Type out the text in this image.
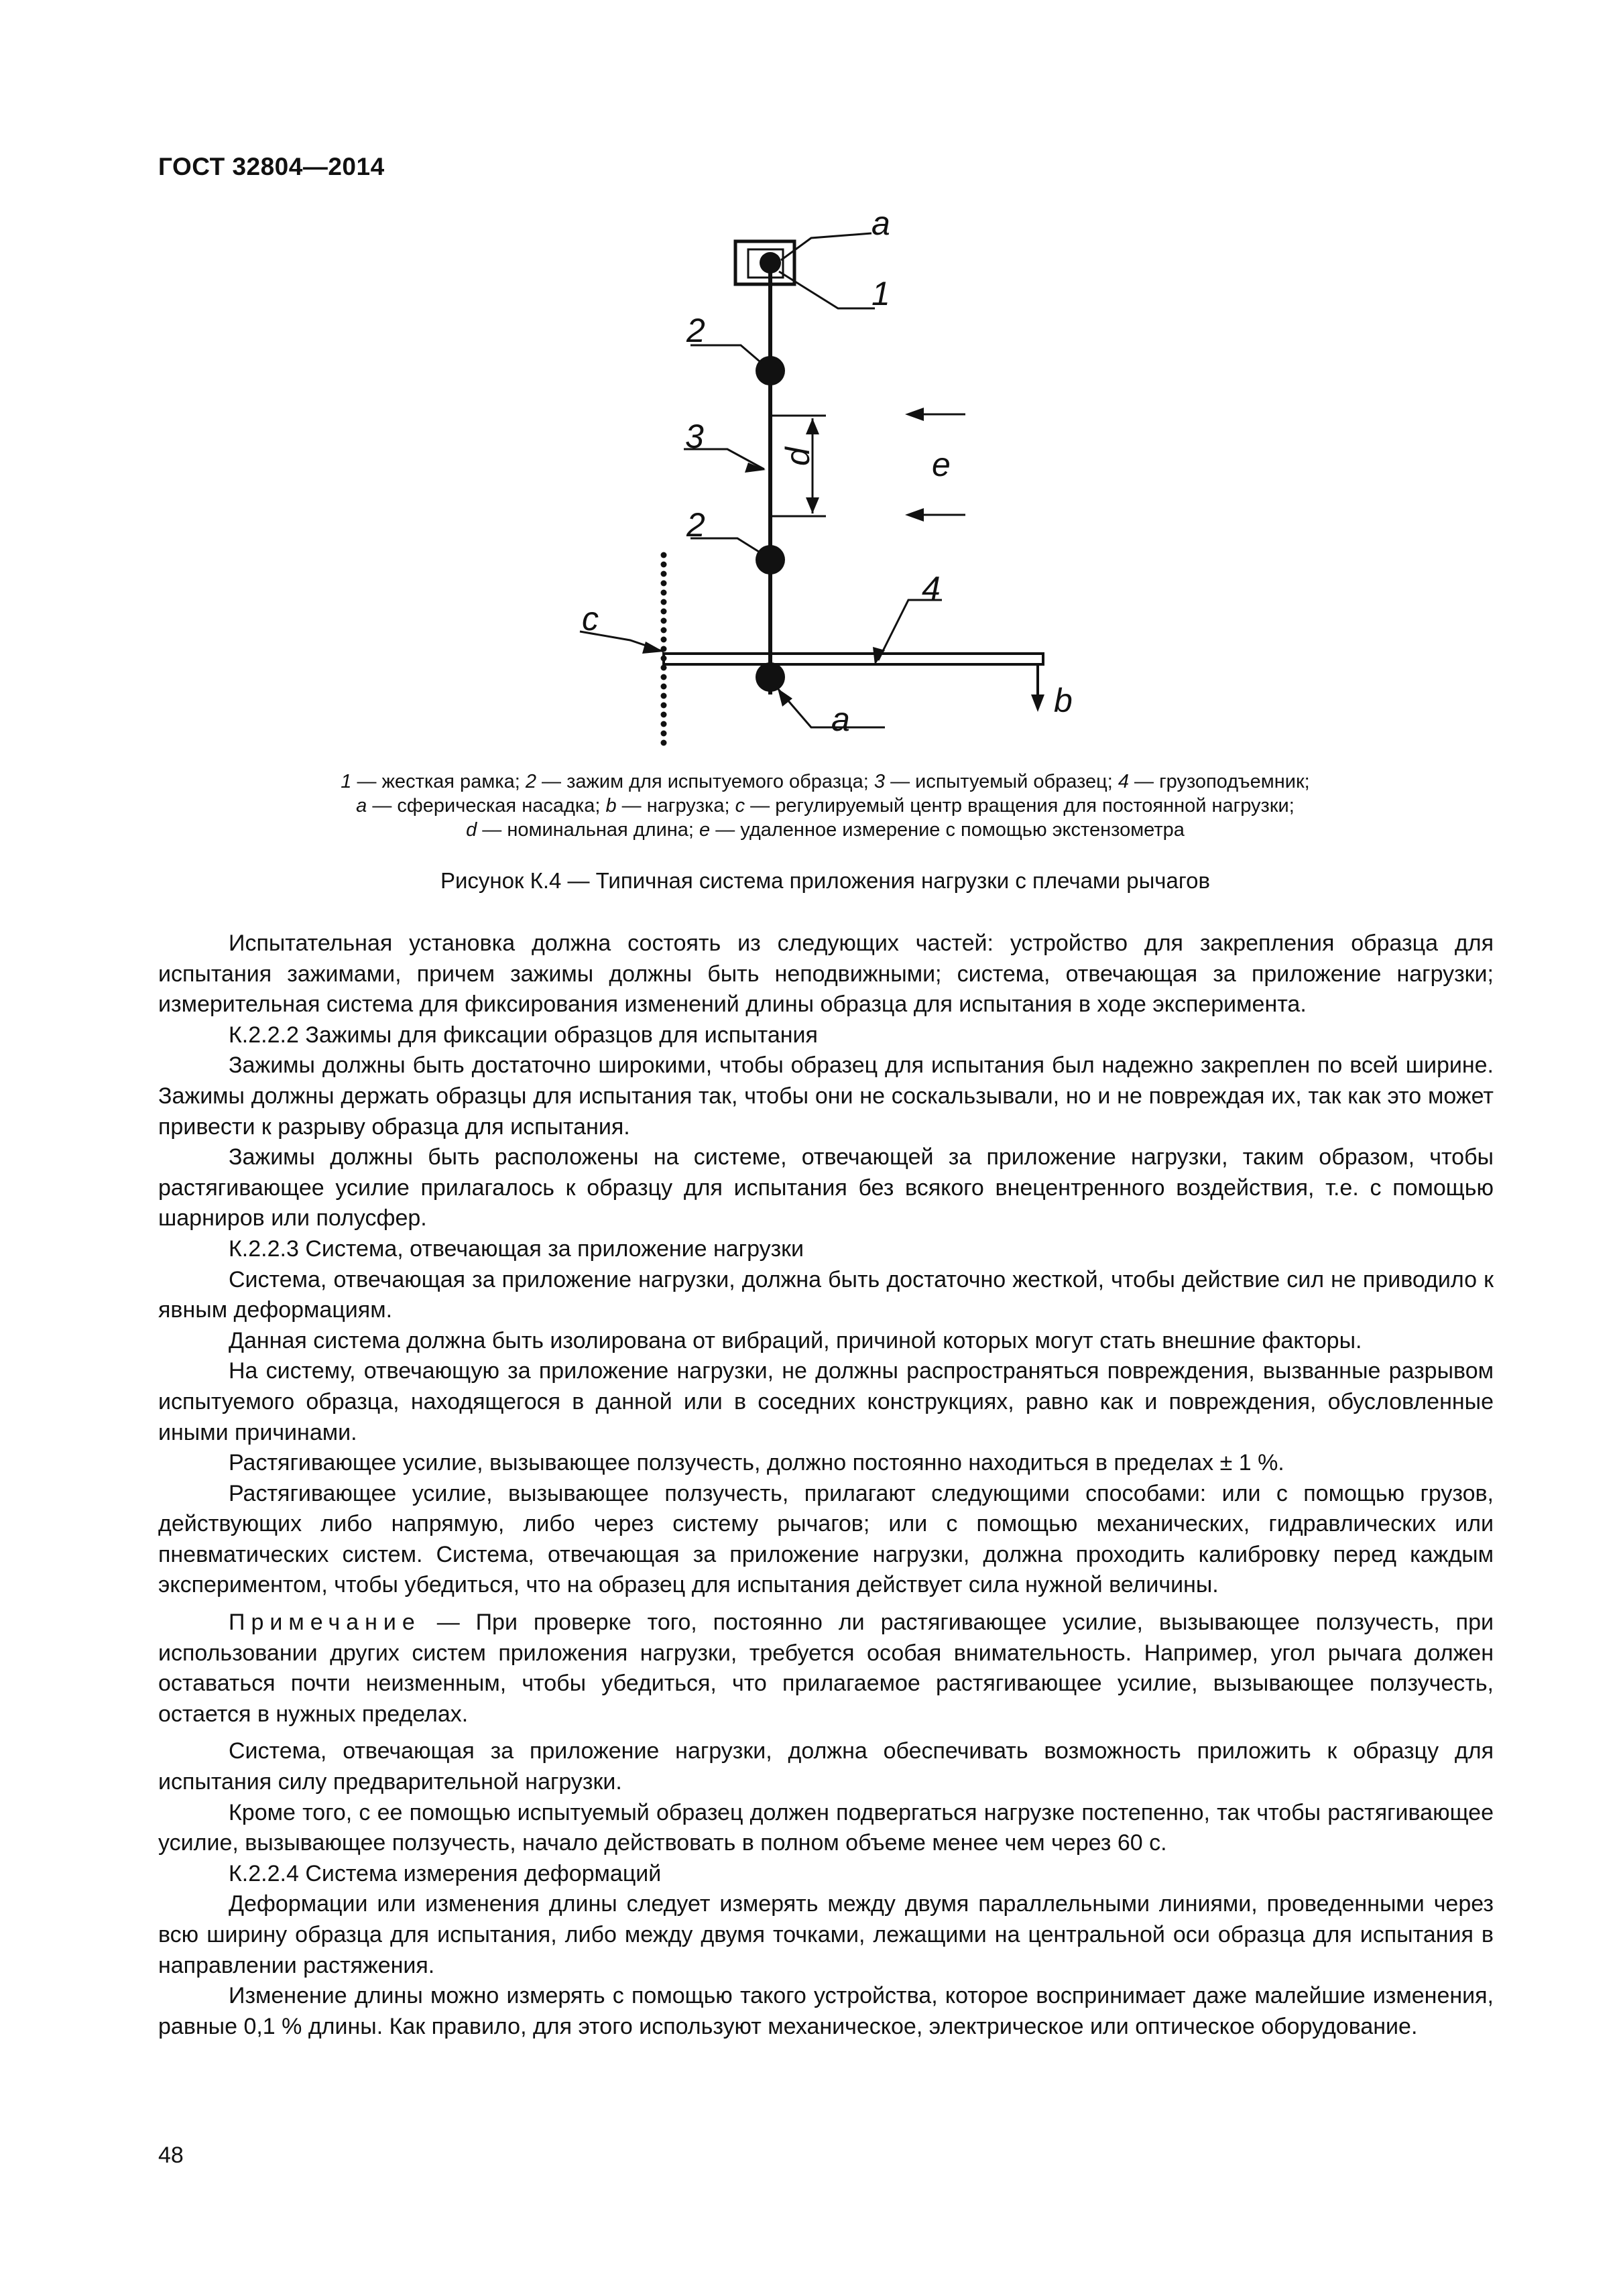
ГОСТ 32804—2014
a
1
2
3
d	e
2
4
c
a	b

1 — жесткая рамка; 2 — зажим для испытуемого образца; 3 — испытуемый образец; 4 — грузоподъемник;

a — сферическая насадка; b — нагрузка; c — регулируемый центр вращения для постоянной нагрузки;

d — номинальная длина; e — удаленное измерение с помощью экстензометра

Рисунок К.4 — Типичная система приложения нагрузки с плечами рычагов

Испытательная установка должна состоять из следующих частей: устройство для закрепления образца для испытания зажимами, причем зажимы должны быть неподвижными; система, отвечающая за приложение нагрузки; измерительная система для фиксирования изменений длины образца для испытания в ходе эксперимента.

К.2.2.2 Зажимы для фиксации образцов для испытания

Зажимы должны быть достаточно широкими, чтобы образец для испытания был надежно закреплен по всей ширине. Зажимы должны держать образцы для испытания так, чтобы они не соскальзывали, но и не повреждая их, так как это может привести к разрыву образца для испытания.

Зажимы должны быть расположены на системе, отвечающей за приложение нагрузки, таким образом, чтобы растягивающее усилие прилагалось к образцу для испытания без всякого внецентренного воздействия, т.е. с помощью шарниров или полусфер.

К.2.2.3 Система, отвечающая за приложение нагрузки

Система, отвечающая за приложение нагрузки, должна быть достаточно жесткой, чтобы действие сил не приводило к явным деформациям.

Данная система должна быть изолирована от вибраций, причиной которых могут стать внешние факторы.

На систему, отвечающую за приложение нагрузки, не должны распространяться повреждения, вызванные разрывом испытуемого образца, находящегося в данной или в соседних конструкциях, равно как и повреждения, обусловленные иными причинами.

Растягивающее усилие, вызывающее ползучесть, должно постоянно находиться в пределах ± 1 %.

Растягивающее усилие, вызывающее ползучесть, прилагают следующими способами: или с помощью грузов, действующих либо напрямую, либо через систему рычагов; или с помощью механических, гидравлических или пневматических систем. Система, отвечающая за приложение нагрузки, должна проходить калибровку перед каждым экспериментом, чтобы убедиться, что на образец для испытания действует сила нужной величины.

Примечание — При проверке того, постоянно ли растягивающее усилие, вызывающее ползучесть, при использовании других систем приложения нагрузки, требуется особая внимательность. Например, угол рычага должен оставаться почти неизменным, чтобы убедиться, что прилагаемое растягивающее усилие, вызывающее ползучесть, остается в нужных пределах.

Система, отвечающая за приложение нагрузки, должна обеспечивать возможность приложить к образцу для испытания силу предварительной нагрузки.

Кроме того, с ее помощью испытуемый образец должен подвергаться нагрузке постепенно, так чтобы растягивающее усилие, вызывающее ползучесть, начало действовать в полном объеме менее чем через 60 с.

К.2.2.4 Система измерения деформаций

Деформации или изменения длины следует измерять между двумя параллельными линиями, проведенными через всю ширину образца для испытания, либо между двумя точками, лежащими на центральной оси образца для испытания в направлении растяжения.

Изменение длины можно измерять с помощью такого устройства, которое воспринимает даже малейшие изменения, равные 0,1 % длины. Как правило, для этого используют механическое, электрическое или оптическое оборудование.

48
